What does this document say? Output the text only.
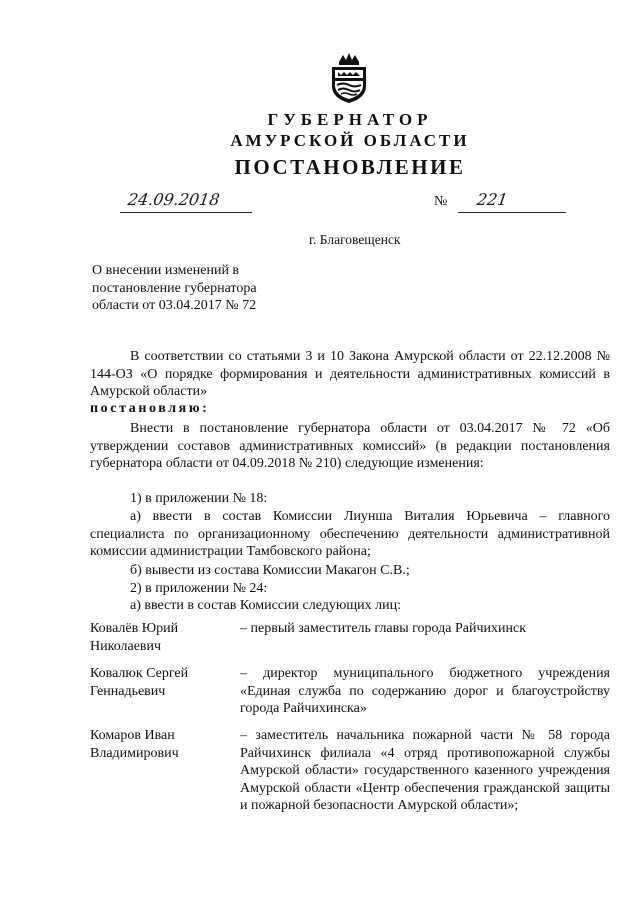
ГУБЕРНАТОР
АМУРСКОЙ ОБЛАСТИ
ПОСТАНОВЛЕНИЕ
24.09.2018	№ 221
г. Благовещенск
О внесении изменений в
постановление губернатора
области от 03.04.2017 № 72
В соответствии со статьями 3 и 10 Закона Амурской области от 22.12.2008 № 144-ОЗ «О порядке формирования и деятельности административных комиссий в Амурской области»
постановляю:
Внести в постановление губернатора области от 03.04.2017 № 72 «Об утверждении составов административных комиссий» (в редакции постановления губернатора области от 04.09.2018 № 210) следующие изменения:
1) в приложении № 18:
а) ввести в состав Комиссии Лиунша Виталия Юрьевича – главного специалиста по организационному обеспечению деятельности административной комиссии администрации Тамбовского района;
б) вывести из состава Комиссии Макагон С.В.;
2) в приложении № 24:
а) ввести в состав Комиссии следующих лиц:
Ковалёв Юрий
Николаевич
– первый заместитель главы города Райчихинск
Ковалюк Сергей
Геннадьевич
– директор муниципального бюджетного учреждения «Единая служба по содержанию дорог и благоустройству города Райчихинска»
Комаров Иван
Владимирович
– заместитель начальника пожарной части № 58 города Райчихинск филиала «4 отряд противопожарной службы Амурской области» государственного казенного учреждения Амурской области «Центр обеспечения гражданской защиты и пожарной безопасности Амурской области»;
